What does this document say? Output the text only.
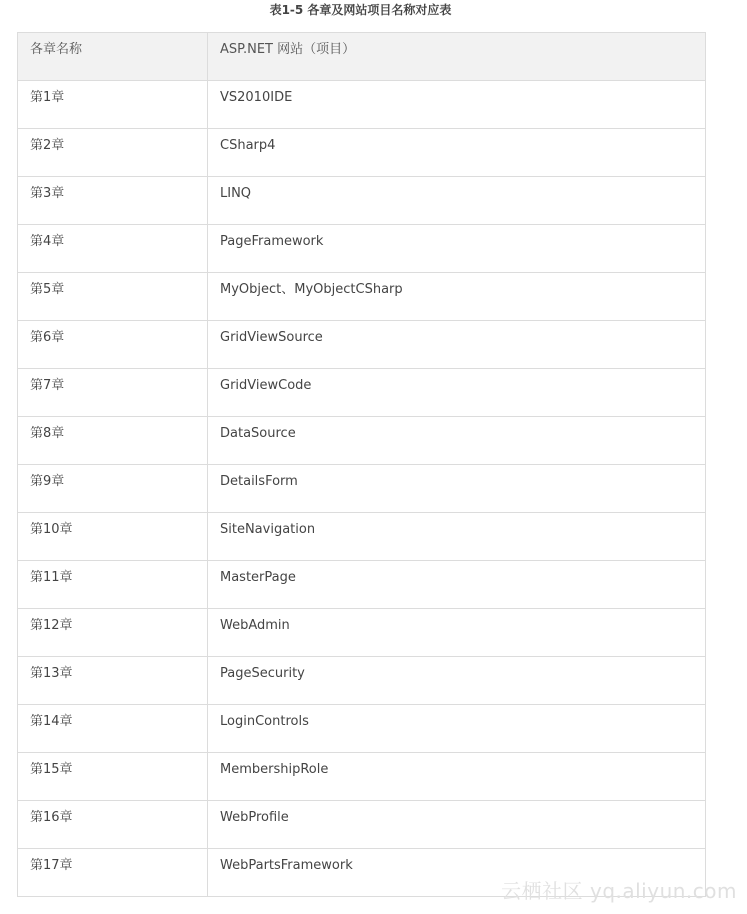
表1-5 各章及网站项目名称对应表
各章名称	ASP.NET 网站（项目）

第1章	VS2010IDE

第2章	CSharp4

第3章	LINQ

第4章	PageFramework

第5章	MyObject、MyObjectCSharp

第6章	GridViewSource

第7章	GridViewCode

第8章	DataSource

第9章	DetailsForm

第10章	SiteNavigation

第11章	MasterPage

第12章	WebAdmin

第13章	PageSecurity

第14章	LoginControls

第15章	MembershipRole

第16章	WebProfile

第17章	WebPartsFramework
云栖社区 yq.aliyun.com
